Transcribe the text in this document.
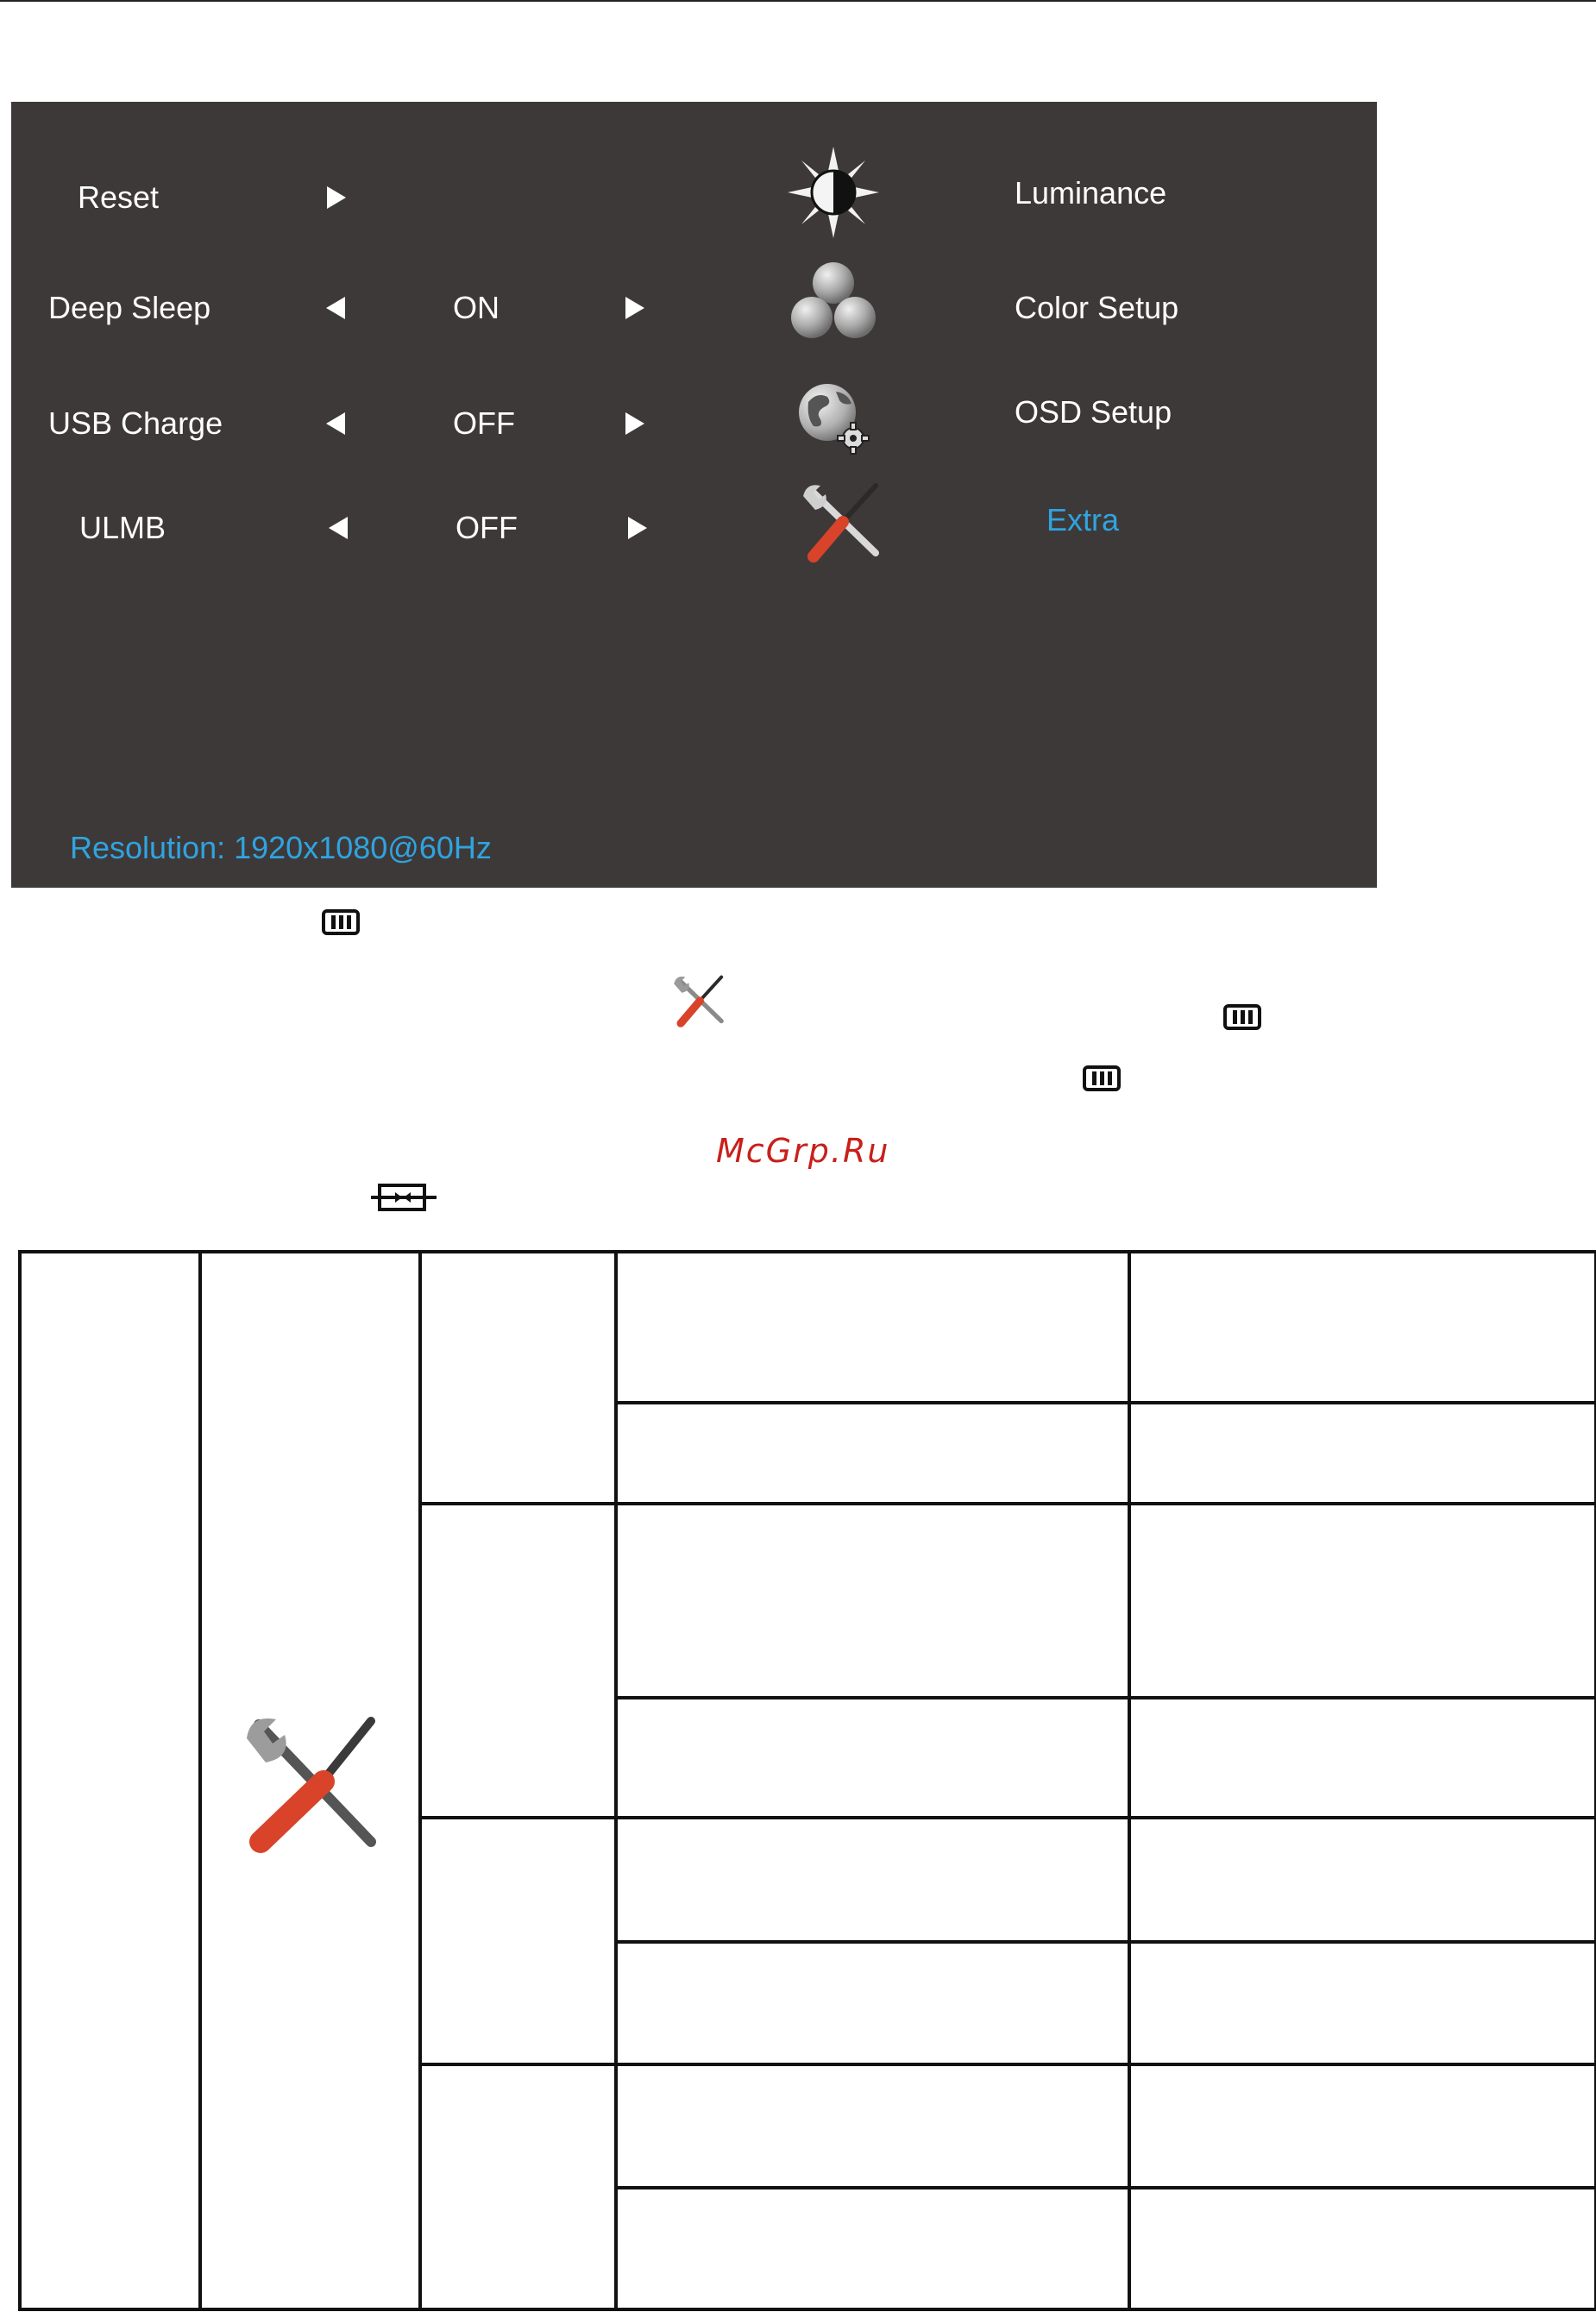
Reset
Deep Sleep	ON
USB Charge	OFF
ULMB	OFF
Luminance
Color Setup
OSD Setup
Extra
Resolution: 1920x1080@60Hz
McGrp.Ru
